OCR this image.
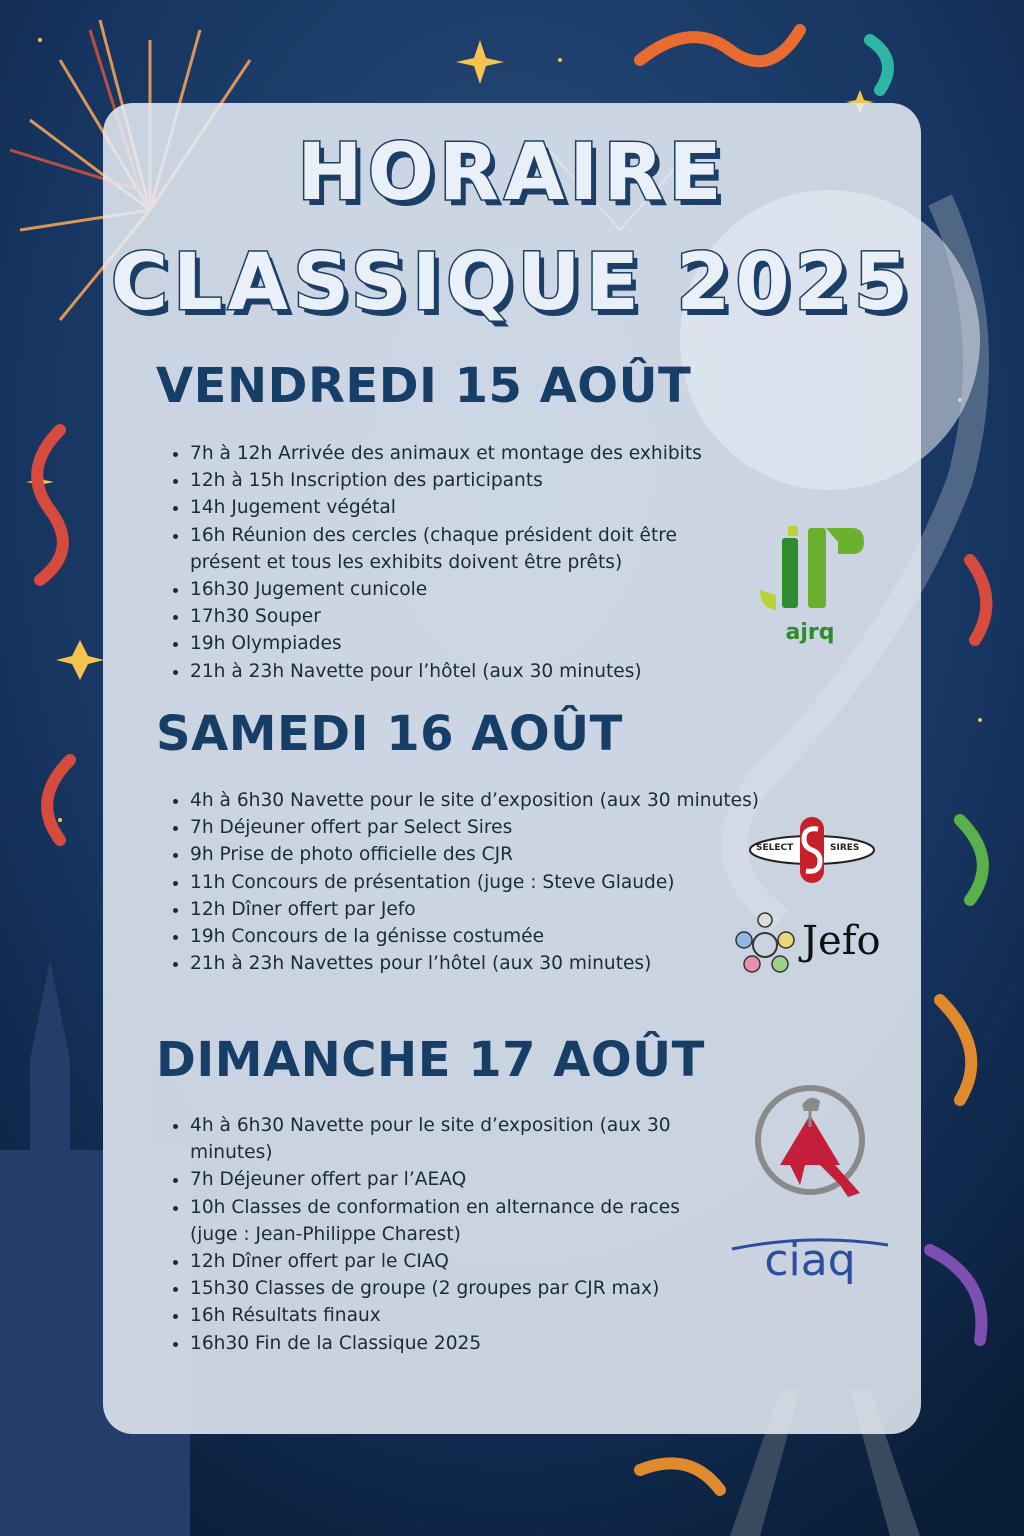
HORAIRE
CLASSIQUE 2025
VENDREDI 15 AOÛT
• 7h à 12h Arrivée des animaux et montage des exhibits
• 12h à 15h Inscription des participants
• 14h Jugement végétal
• 16h Réunion des cercles (chaque président doit être présent et tous les exhibits doivent être prêts)
• 16h30 Jugement cunicole
• 17h30 Souper
• 19h Olympiades
• 21h à 23h Navette pour l’hôtel (aux 30 minutes)
SAMEDI 16 AOÛT
• 4h à 6h30 Navette pour le site d’exposition (aux 30 minutes)
• 7h Déjeuner offert par Select Sires
• 9h Prise de photo officielle des CJR
• 11h Concours de présentation (juge : Steve Glaude)
• 12h Dîner offert par Jefo
• 19h Concours de la génisse costumée
• 21h à 23h Navettes pour l’hôtel (aux 30 minutes)
DIMANCHE 17 AOÛT
• 4h à 6h30 Navette pour le site d’exposition (aux 30 minutes)
• 7h Déjeuner offert par l’AEAQ
• 10h Classes de conformation en alternance de races (juge : Jean-Philippe Charest)
• 12h Dîner offert par le CIAQ
• 15h30 Classes de groupe (2 groupes par CJR max)
• 16h Résultats finaux
• 16h30 Fin de la Classique 2025
ajrq
SELECT	SIRES
Jefo
ciaq
